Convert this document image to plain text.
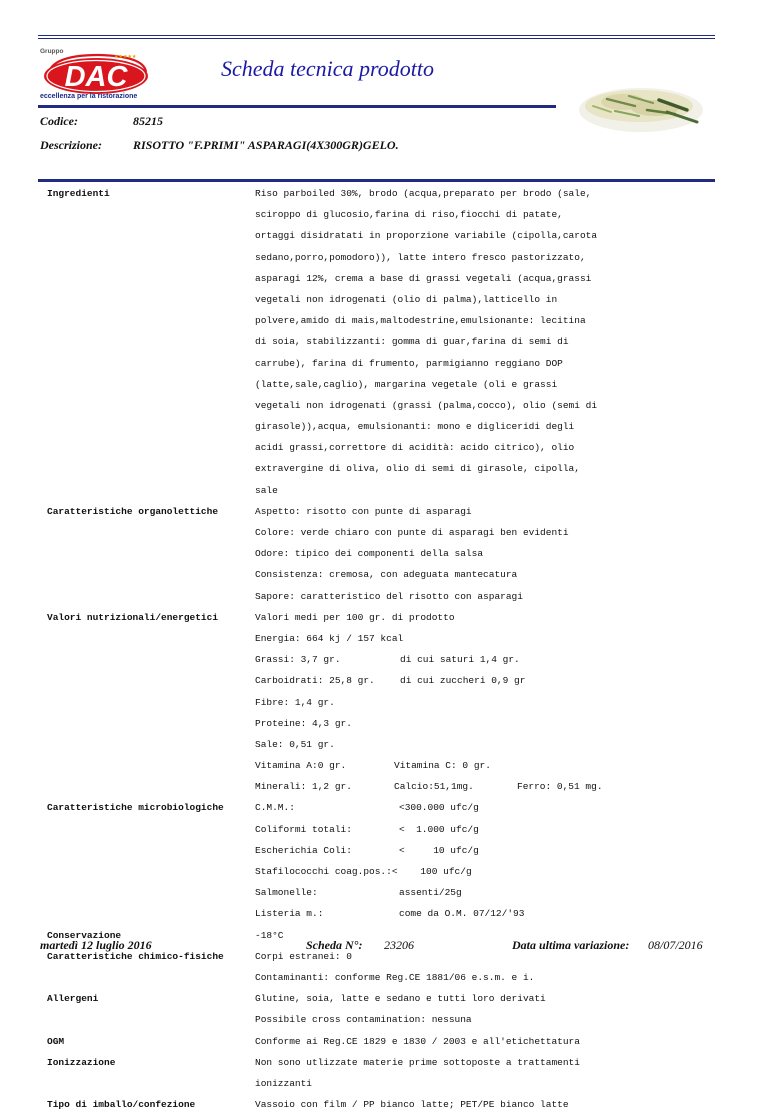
Gruppo
★★★★★
DAC
eccellenza per la ristorazione
Scheda tecnica prodotto
Codice:	85215
Descrizione:	RISOTTO "F.PRIMI" ASPARAGI(4X300GR)GELO.
Ingredienti	Riso parboiled 30%, brodo (acqua,preparato per brodo (sale,
sciroppo di glucosio,farina di riso,fiocchi di patate,
ortaggi disidratati in proporzione variabile (cipolla,carota
sedano,porro,pomodoro)), latte intero fresco pastorizzato,
asparagi 12%, crema a base di grassi vegetali (acqua,grassi
vegetali non idrogenati (olio di palma),latticello in
polvere,amido di mais,maltodestrine,emulsionante: lecitina
di soia, stabilizzanti: gomma di guar,farina di semi di
carrube), farina di frumento, parmigianno reggiano DOP
(latte,sale,caglio), margarina vegetale (oli e grassi
vegetali non idrogenati (grassi (palma,cocco), olio (semi di
girasole)),acqua, emulsionanti: mono e digliceridi degli
acidi grassi,correttore di acidità: acido citrico), olio
extravergine di oliva, olio di semi di girasole, cipolla,
sale
Caratteristiche organolettiche	Aspetto: risotto con punte di asparagi
Colore: verde chiaro con punte di asparagi ben evidenti
Odore: tipico dei componenti della salsa
Consistenza: cremosa, con adeguata mantecatura
Sapore: caratteristico del risotto con asparagi
Valori nutrizionali/energetici	Valori medi per 100 gr. di prodotto
Energia: 664 kj / 157 kcal
Grassi: 3,7 gr.	di cui saturi 1,4 gr.
Carboidrati: 25,8 gr.	di cui zuccheri 0,9 gr
Fibre: 1,4 gr.
Proteine: 4,3 gr.
Sale: 0,51 gr.
Vitamina A:0 gr.	Vitamina C: 0 gr.
Minerali: 1,2 gr.	Calcio:51,1mg.	Ferro: 0,51 mg.
Caratteristiche microbiologiche	C.M.M.:	<300.000 ufc/g
Coliformi totali:	<  1.000 ufc/g
Escherichia Coli:	<     10 ufc/g
Stafilococchi coag.pos.:<    100 ufc/g
Salmonelle:	assenti/25g
Listeria m.:	come da O.M. 07/12/'93
Conservazione	-18°C
Caratteristiche chimico-fisiche	Corpi estranei: 0
Contaminanti: conforme Reg.CE 1881/06 e.s.m. e i.
Allergeni	Glutine, soia, latte e sedano e tutti loro derivati
Possibile cross contamination: nessuna
OGM	Conforme ai Reg.CE 1829 e 1830 / 2003 e all'etichettatura
Ionizzazione	Non sono utlizzate materie prime sottoposte a trattamenti
ionizzanti
Tipo di imballo/confezione	Vassoio con film / PP bianco latte; PET/PE bianco latte
martedì 12 luglio 2016	Scheda N°: 23206	Data ultima variazione: 08/07/2016
